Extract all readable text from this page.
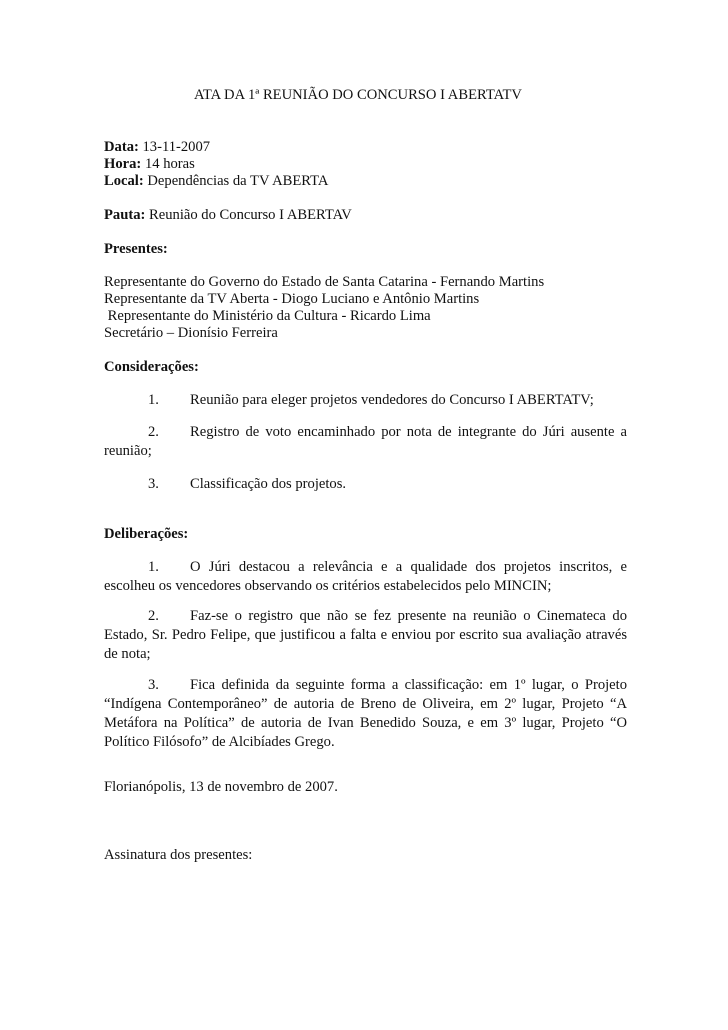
ATA DA 1ª REUNIÃO DO CONCURSO I ABERTATV
Data: 13-11-2007
Hora: 14 horas
Local: Dependências da TV ABERTA
Pauta: Reunião do Concurso I ABERTAV
Presentes:
Representante do Governo do Estado de Santa Catarina - Fernando Martins
Representante da TV Aberta - Diogo Luciano e Antônio Martins
Representante do Ministério da Cultura - Ricardo Lima
Secretário – Dionísio Ferreira
Considerações:
1. Reunião para eleger projetos vendedores do Concurso I ABERTATV;
2. Registro de voto encaminhado por nota de integrante do Júri ausente a reunião;
3. Classificação dos projetos.
Deliberações:
1. O Júri destacou a relevância e a qualidade dos projetos inscritos, e escolheu os vencedores observando os critérios estabelecidos pelo MINCIN;
2. Faz-se o registro que não se fez presente na reunião o Cinemateca do Estado, Sr. Pedro Felipe, que justificou a falta e enviou por escrito sua avaliação através de nota;
3. Fica definida da seguinte forma a classificação: em 1º lugar, o Projeto “Indígena Contemporâneo” de autoria de Breno de Oliveira, em 2º lugar, Projeto “A Metáfora na Política” de autoria de Ivan Benedido Souza, e em 3º lugar, Projeto “O Político Filósofo” de Alcibíades Grego.
Florianópolis, 13 de novembro de 2007.
Assinatura dos presentes:
